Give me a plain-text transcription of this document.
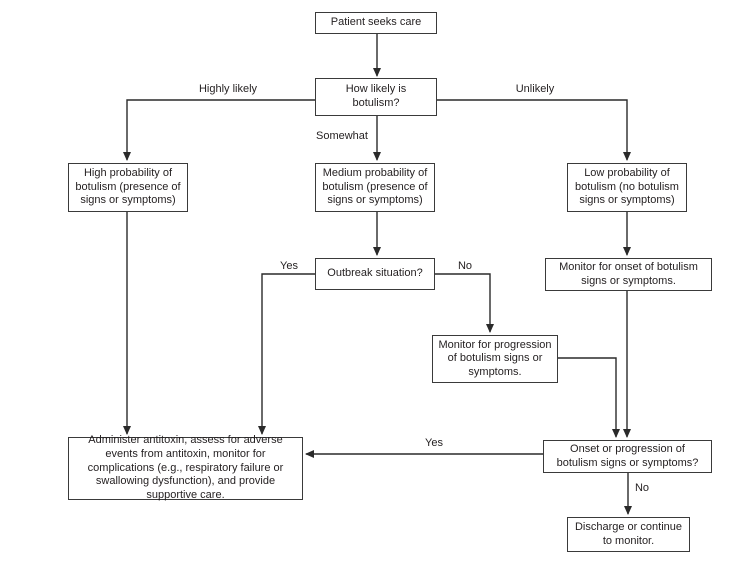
Patient seeks care
How likely is botulism?
High probability of botulism (presence of signs or symptoms)
Medium probability of botulism (presence of signs or symptoms)
Low probability of botulism (no botulism signs or symptoms)
Outbreak situation?
Monitor for onset of botulism signs or symptoms.
Monitor for progression of botulism signs or symptoms.
Administer antitoxin, assess for adverse events from antitoxin, monitor for complications (e.g., respiratory failure or swallowing dysfunction), and provide supportive care.
Onset or progression of botulism signs or symptoms?
Discharge or continue to monitor.
Highly likely	Unlikely
Somewhat
Yes	No
Yes
No
